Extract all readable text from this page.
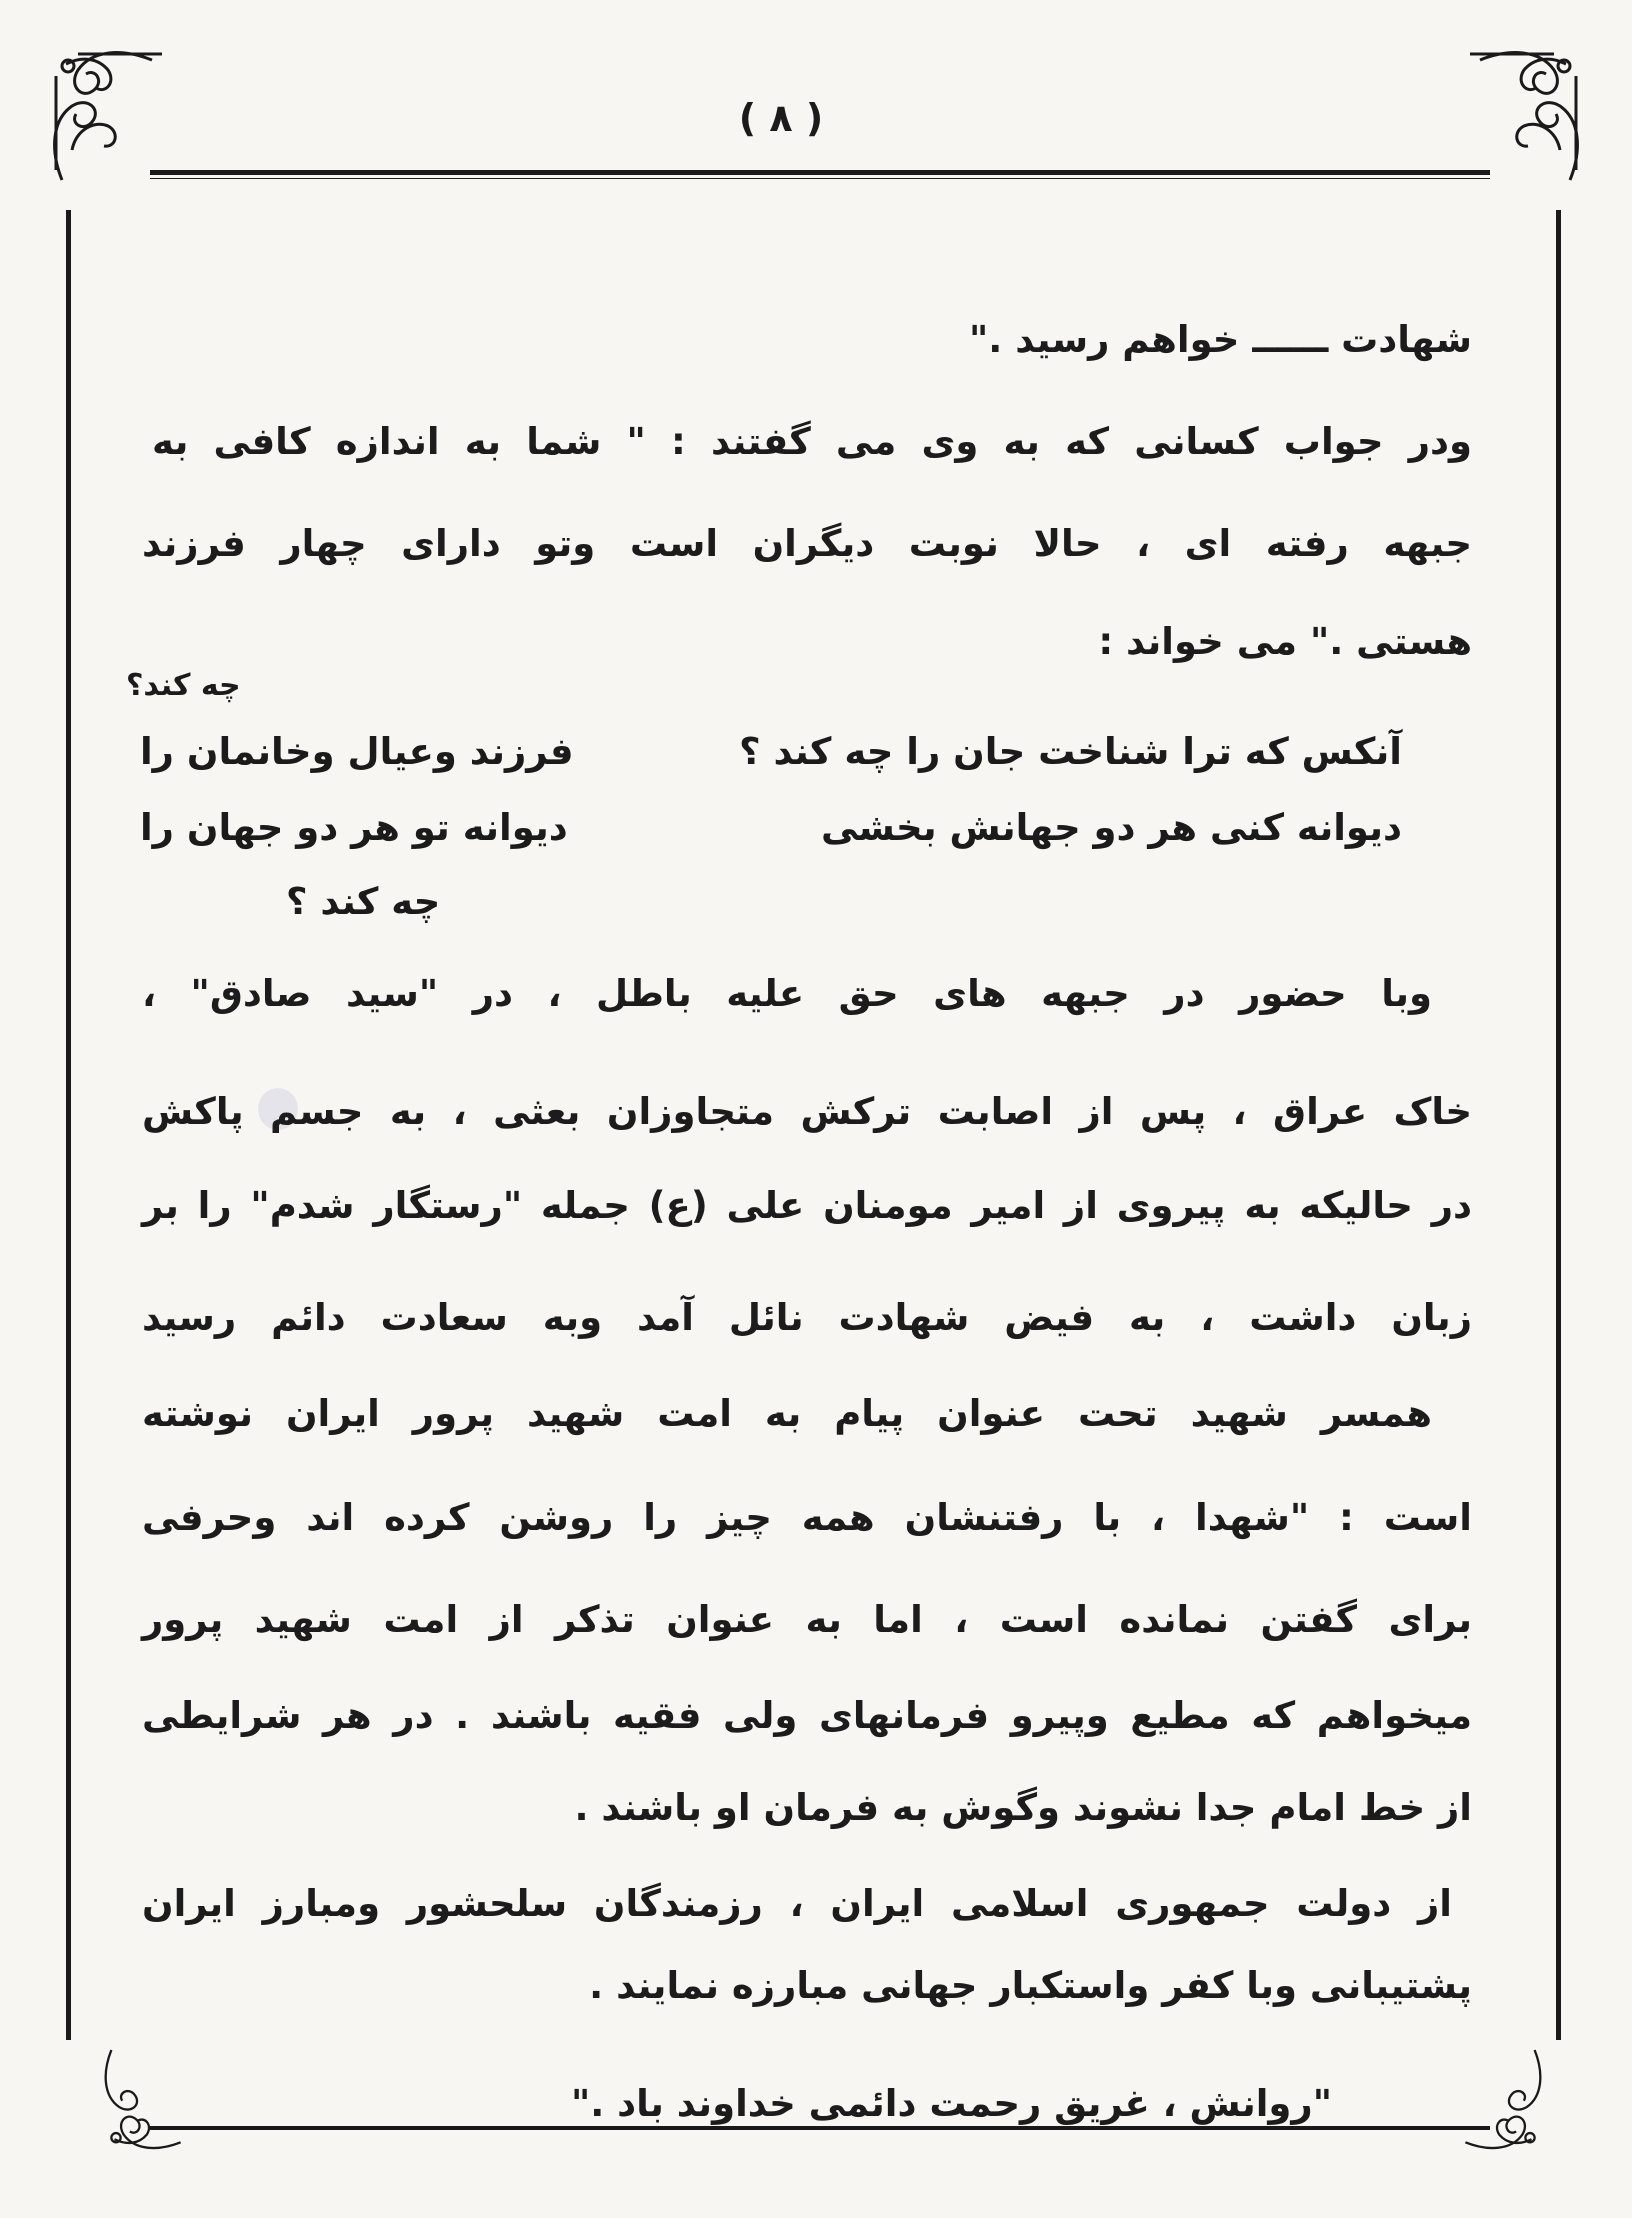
( ٨ )
شهادت ــــــ خواهم رسید ."
ودر جواب کسانی که به وی می گفتند : " شما به اندازه کافی به
جبهه رفته ای ، حالا نوبت دیگران است وتو دارای چهار فرزند
هستی ." می خواند :
چه کند؟
آنکس که ترا شناخت جان را چه کند ؟
فرزند وعیال وخانمان را
دیوانه کنی هر دو جهانش بخشی
دیوانه تو هر دو جهان را
چه کند ؟
وبا حضور در جبهه های حق علیه باطل ، در "سید صادق" ،
خاک عراق ، پس از اصابت ترکش متجاوزان بعثی ، به جسم پاکش
در حالیکه به پیروی از امیر مومنان علی (ع) جمله "رستگار شدم" را بر
زبان داشت ، به فیض شهادت نائل آمد وبه سعادت دائم رسید
همسر شهید تحت عنوان پیام به امت شهید پرور ایران نوشته
است : "شهدا ، با رفتنشان همه چیز را روشن کرده اند وحرفی
برای گفتن نمانده است ، اما به عنوان تذکر از امت شهید پرور
میخواهم که مطیع وپیرو فرمانهای ولی فقیه باشند . در هر شرایطی
از خط امام جدا نشوند وگوش به فرمان او باشند .
از دولت جمهوری اسلامی ایران ، رزمندگان سلحشور ومبارز ایران
پشتیبانی وبا کفر واستکبار جهانی مبارزه نمایند .
"روانش ، غریق رحمت دائمی خداوند باد ."
